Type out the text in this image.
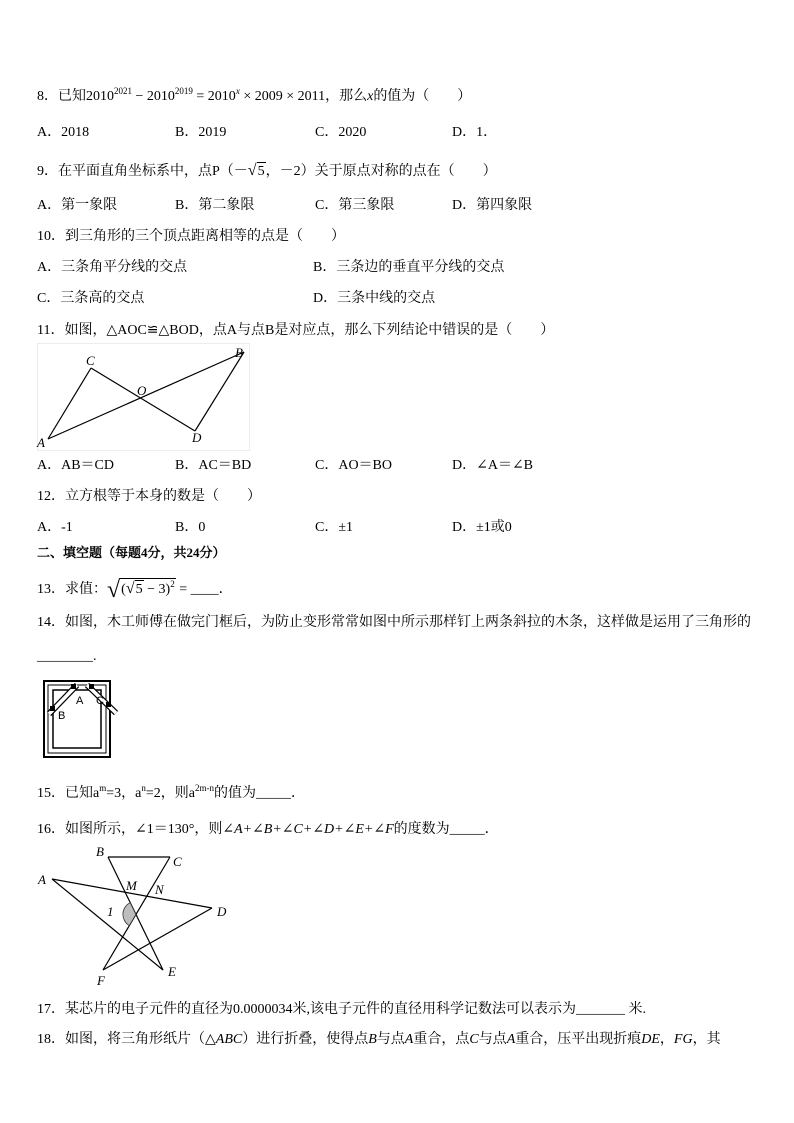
8．已知$2010^{2021} - 2010^{2019} = 2010^x \times 2009 \times 2011$，那么x的值为（　　）
A．2018	B．2019	C．2020	D．1．
9．在平面直角坐标系中，点P（－√5，－2）关于原点对称的点在（　　）
A．第一象限	B．第二象限	C．第三象限	D．第四象限
10．到三角形的三个顶点距离相等的点是（　　）
A．三条角平分线的交点	B．三条边的垂直平分线的交点
C．三条高的交点	D．三条中线的交点
11．如图，△AOC≌△BOD，点A与点B是对应点，那么下列结论中错误的是（　　）
C
B
O
A	D
A．AB＝CD	B．AC＝BD	C．AO＝BO	D．∠A＝∠B
12．立方根等于本身的数是（　　）
A．-1	B．0	C．±1	D．±1或0
二、填空题（每题4分，共24分）
13．求值：$√(√5 - 3)^2$ = ____．
14．如图，木工师傅在做完门框后，为防止变形常常如图中所示那样钉上两条斜拉的木条，这样做是运用了三角形的
________.
A
B
C
15．已知$a^m=3$，$a^n=2$，则$a^{2m-n}$的值为_____．
16．如图所示，∠1＝130°，则∠A+∠B+∠C+∠D+∠E+∠F的度数为_____．
A
B
C
M N
D
E
F
1
17．某芯片的电子元件的直径为0.0000034米,该电子元件的直径用科学记数法可以表示为_______ 米.
18．如图，将三角形纸片（△ABC）进行折叠，使得点B与点A重合，点C与点A重合，压平出现折痕DE，FG，其
